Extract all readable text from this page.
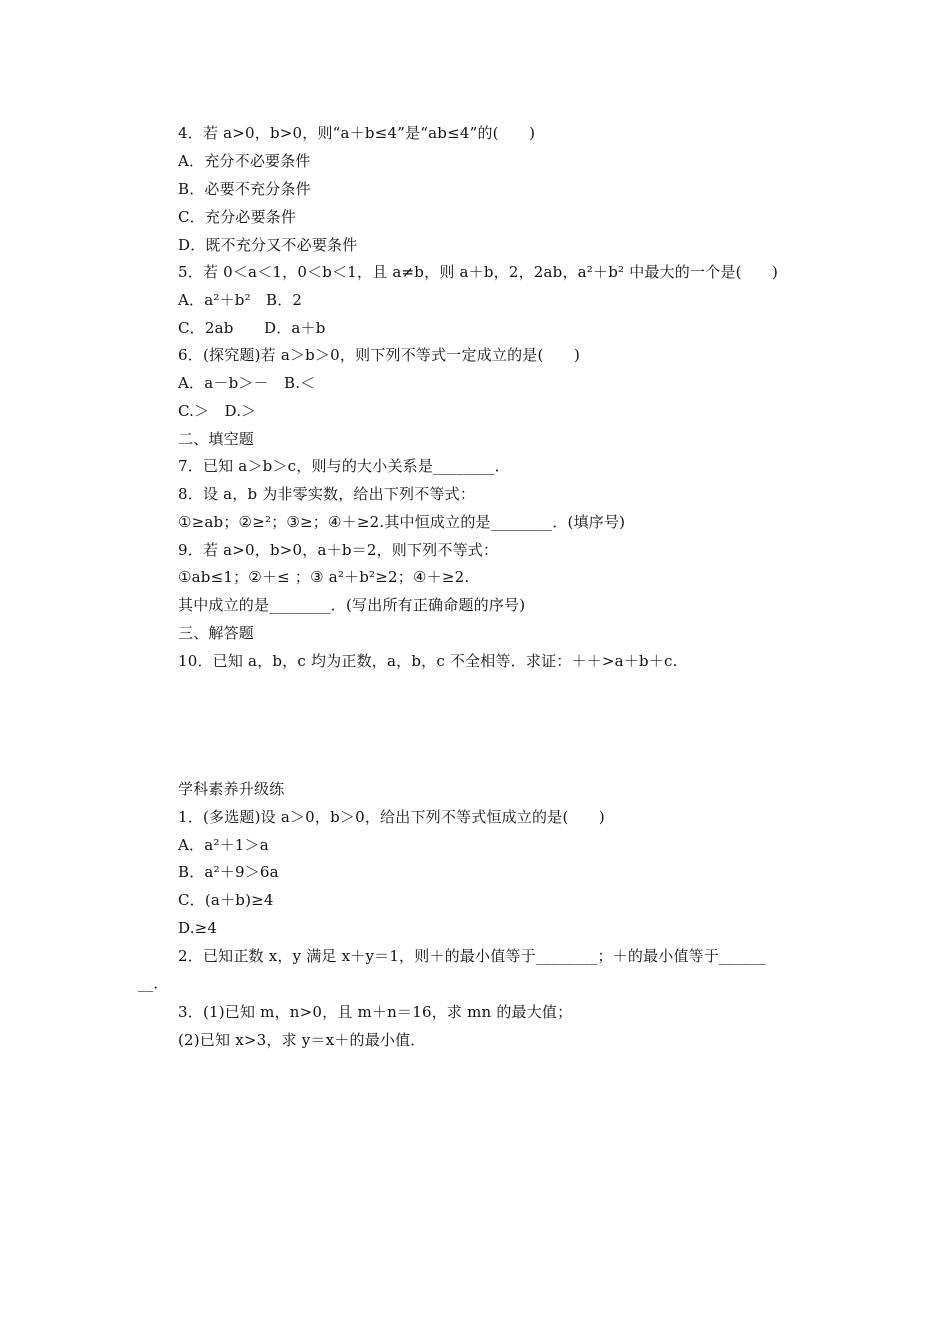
4．若 a>0，b>0，则“a＋b≤4”是“ab≤4”的(　　)
A．充分不必要条件
B．必要不充分条件
C．充分必要条件
D．既不充分又不必要条件
5．若 0＜a＜1，0＜b＜1，且 a≠b，则 a＋b，2，2ab，a²＋b² 中最大的一个是(　　)
A．a²＋b²　B．2
C．2ab　　D．a＋b
6．(探究题)若 a＞b＞0，则下列不等式一定成立的是(　　)
A．a－b＞－　B.＜
C.＞　D.＞
二、填空题
7．已知 a＞b＞c，则与的大小关系是________．
8．设 a，b 为非零实数，给出下列不等式：
①≥ab；②≥²；③≥；④＋≥2.其中恒成立的是________．(填序号)
9．若 a>0，b>0，a＋b＝2，则下列不等式：
①ab≤1；②＋≤ ；③ a²＋b²≥2；④＋≥2.
其中成立的是________．(写出所有正确命题的序号)
三、解答题
10．已知 a，b，c 均为正数，a，b，c 不全相等．求证：＋＋>a＋b＋c.
学科素养升级练
1．(多选题)设 a＞0，b＞0，给出下列不等式恒成立的是(　　)
A．a²＋1＞a
B．a²＋9＞6a
C．(a＋b)≥4
D.≥4
2．已知正数 x，y 满足 x＋y＝1，则＋的最小值等于________；＋的最小值等于______
__．
3．(1)已知 m，n>0，且 m＋n＝16，求 mn 的最大值；
(2)已知 x>3，求 y＝x＋的最小值．
